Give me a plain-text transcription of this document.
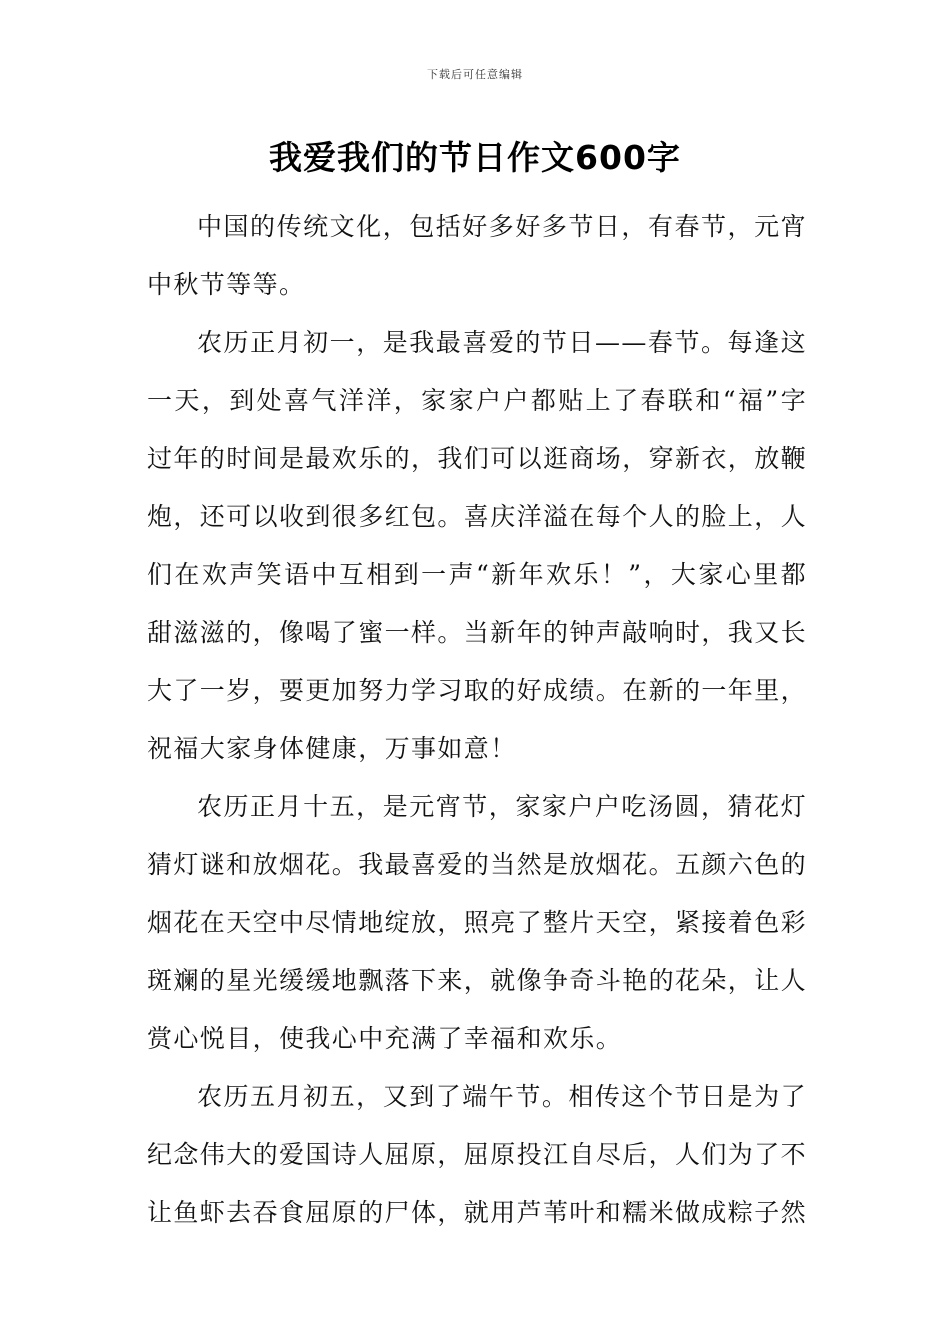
下载后可任意编辑
我爱我们的节日作文600字

中国的传统文化，包括好多好多节日，有春节，元宵中秋节等等。

农历正月初一，是我最喜爱的节日——春节。每逢这一天，到处喜气洋洋，家家户户都贴上了春联和“福”字过年的时间是最欢乐的，我们可以逛商场，穿新衣，放鞭炮，还可以收到很多红包。喜庆洋溢在每个人的脸上，人们在欢声笑语中互相到一声“新年欢乐！”，大家心里都甜滋滋的，像喝了蜜一样。当新年的钟声敲响时，我又长大了一岁，要更加努力学习取的好成绩。在新的一年里，祝福大家身体健康，万事如意！

农历正月十五，是元宵节，家家户户吃汤圆，猜花灯猜灯谜和放烟花。我最喜爱的当然是放烟花。五颜六色的烟花在天空中尽情地绽放，照亮了整片天空，紧接着色彩斑斓的星光缓缓地飘落下来，就像争奇斗艳的花朵，让人赏心悦目，使我心中充满了幸福和欢乐。

农历五月初五，又到了端午节。相传这个节日是为了纪念伟大的爱国诗人屈原，屈原投江自尽后，人们为了不让鱼虾去吞食屈原的尸体，就用芦苇叶和糯米做成粽子然
